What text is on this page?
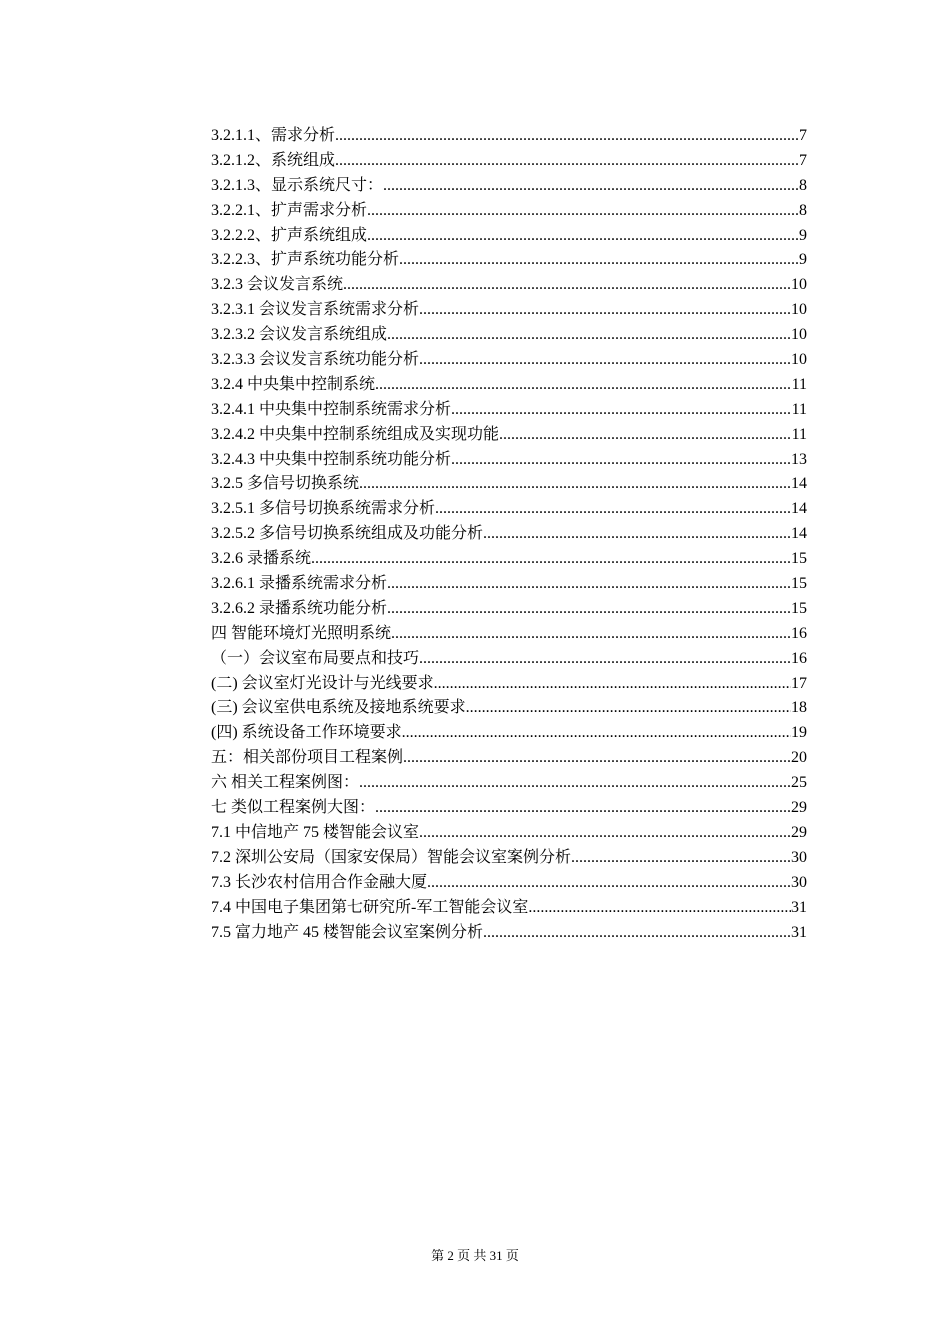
3.2.1.1、需求分析 .....	7
3.2.1.2、系统组成 .....	7
3.2.1.3、显示系统尺寸： .....	8
3.2.2.1、扩声需求分析 .....	8
3.2.2.2、扩声系统组成 .....	9
3.2.2.3、扩声系统功能分析 .....	9
3.2.3 会议发言系统 .....	10
3.2.3.1 会议发言系统需求分析 .....	10
3.2.3.2 会议发言系统组成 .....	10
3.2.3.3 会议发言系统功能分析 .....	10
3.2.4 中央集中控制系统 .....	11
3.2.4.1 中央集中控制系统需求分析 .....	11
3.2.4.2 中央集中控制系统组成及实现功能 .....	11
3.2.4.3 中央集中控制系统功能分析 .....	13
3.2.5 多信号切换系统 .....	14
3.2.5.1 多信号切换系统需求分析 .....	14
3.2.5.2 多信号切换系统组成及功能分析 .....	14
3.2.6 录播系统 .....	15
3.2.6.1 录播系统需求分析 .....	15
3.2.6.2 录播系统功能分析 .....	15
四 智能环境灯光照明系统 .....	16
（一）会议室布局要点和技巧 .....	16
(二) 会议室灯光设计与光线要求 .....	17
(三) 会议室供电系统及接地系统要求 .....	18
(四) 系统设备工作环境要求 .....	19
五：相关部份项目工程案例 .....	20
六 相关工程案例图： .....	25
七 类似工程案例大图： .....	29
7.1 中信地产 75 楼智能会议室 .....	29
7.2 深圳公安局（国家安保局）智能会议室案例分析 .....	30
7.3 长沙农村信用合作金融大厦 .....	30
7.4 中国电子集团第七研究所-军工智能会议室 .....	31
7.5 富力地产 45 楼智能会议室案例分析 .....	31
第 2 页 共 31 页
